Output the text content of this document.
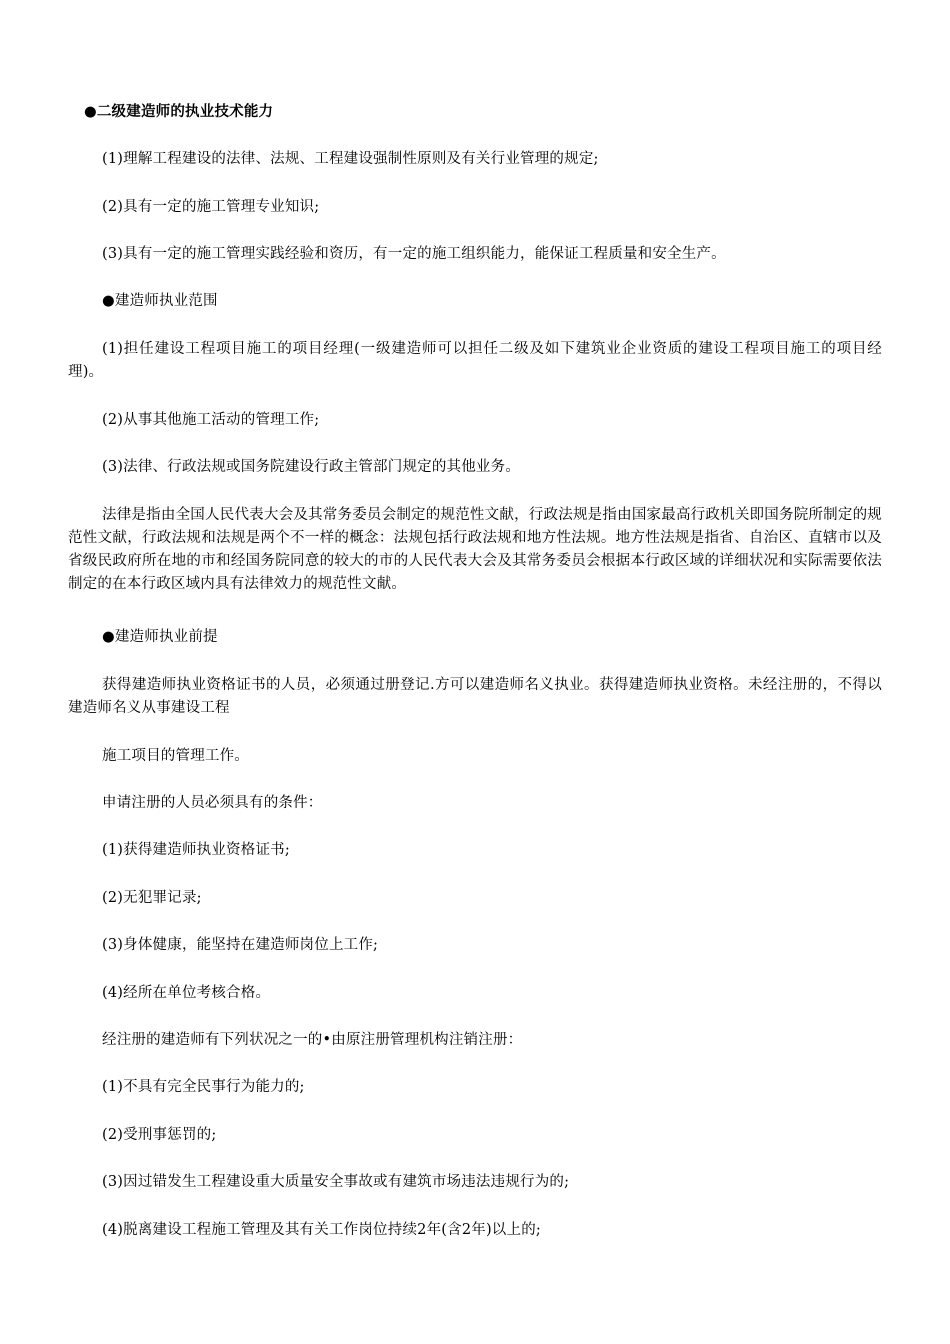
●二级建造师的执业技术能力

(1)理解工程建设的法律、法规、工程建设强制性原则及有关行业管理的规定;

(2)具有一定的施工管理专业知识;

(3)具有一定的施工管理实践经验和资历，有一定的施工组织能力，能保证工程质量和安全生产。

●建造师执业范围

(1)担任建设工程项目施工的项目经理(一级建造师可以担任二级及如下建筑业企业资质的建设工程项目施工的项目经理)。

(2)从事其他施工活动的管理工作;

(3)法律、行政法规或国务院建设行政主管部门规定的其他业务。

法律是指由全国人民代表大会及其常务委员会制定的规范性文献，行政法规是指由国家最高行政机关即国务院所制定的规范性文献，行政法规和法规是两个不一样的概念：法规包括行政法规和地方性法规。地方性法规是指省、自治区、直辖市以及省级民政府所在地的市和经国务院同意的较大的市的人民代表大会及其常务委员会根据本行政区域的详细状况和实际需要依法制定的在本行政区域内具有法律效力的规范性文献。

●建造师执业前提

获得建造师执业资格证书的人员，必须通过册登记.方可以建造师名义执业。获得建造师执业资格。未经注册的，不得以建造师名义从事建设工程

施工项目的管理工作。

申请注册的人员必须具有的条件：

(1)获得建造师执业资格证书;

(2)无犯罪记录;

(3)身体健康，能坚持在建造师岗位上工作;

(4)经所在单位考核合格。

经注册的建造师有下列状况之一的•由原注册管理机构注销注册：

(1)不具有完全民事行为能力的;

(2)受刑事惩罚的;

(3)因过错发生工程建设重大质量安全事故或有建筑市场违法违规行为的;

(4)脱离建设工程施工管理及其有关工作岗位持续2年(含2年)以上的;
